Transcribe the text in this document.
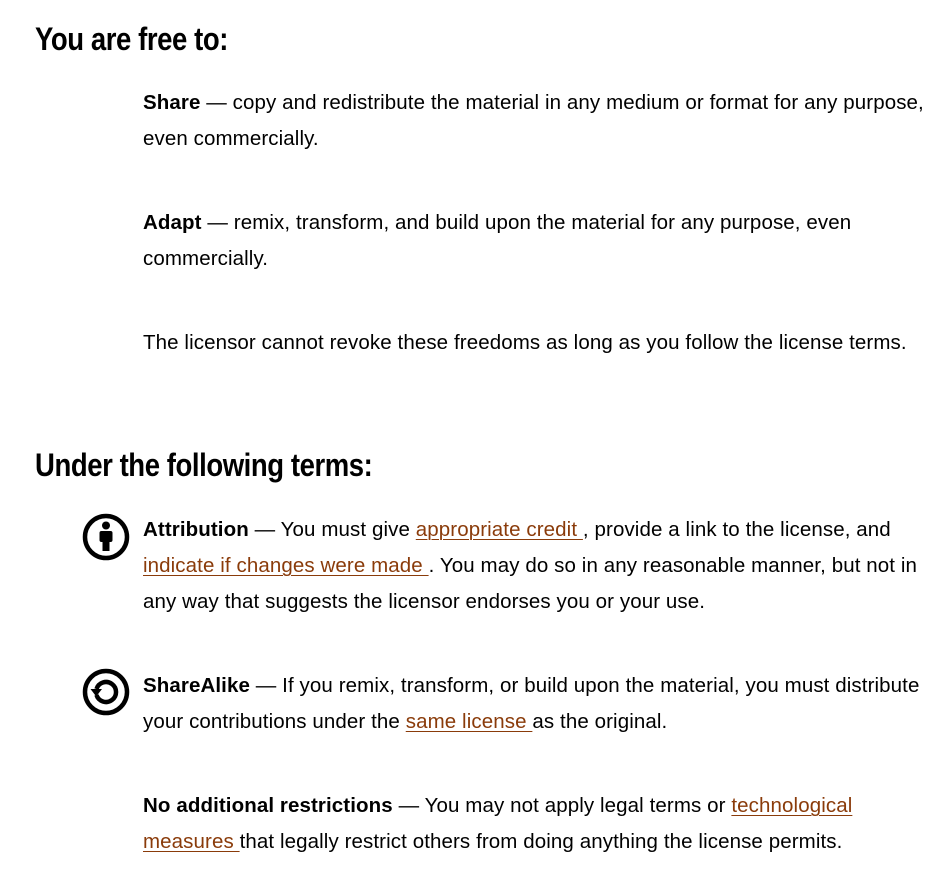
You are free to:

Share — copy and redistribute the material in any medium or format for any purpose, even commercially.

Adapt — remix, transform, and build upon the material for any purpose, even commercially.

The licensor cannot revoke these freedoms as long as you follow the license terms.

Under the following terms:

Attribution — You must give appropriate credit , provide a link to the license, and indicate if changes were made . You may do so in any reasonable manner, but not in any way that suggests the licensor endorses you or your use.

ShareAlike — If you remix, transform, or build upon the material, you must distribute your contributions under the same license as the original.

No additional restrictions — You may not apply legal terms or technological measures that legally restrict others from doing anything the license permits.
